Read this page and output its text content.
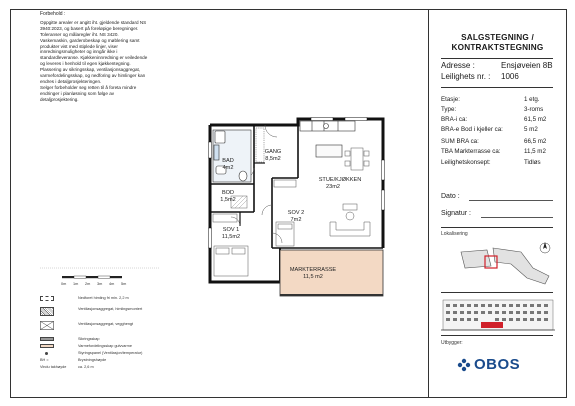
Forbehold :

Oppgitte arealer er angitt iht. gjeldende standard NS 3940:2023, og basert på foreløpige beregninger. Toleranser og målaregler iht. NS 3420.

Vaskemaskin, garderobeskap og møblering samt produkter vist med stiplede linjer, viser innredningsmuligheter og inngår ikke i standardleveranse. Kjøkkeninnredning er veiledende og leveres i henhold til egen kjøkkentegning.

Plassering av sikringsskap, ventilasjonsaggregat, varmefordelingsskap, og nedforing av himlinger kan endres i detaljprosjekteringen.

Selger forbeholder seg retten til å foreta mindre endringer i planløsning som følge av detaljprosjektering.

0m 1m 2m 3m 4m 5m
Nedforet himling fri min. 2,2 m
Ventilasjonsaggregat, himlingsmontert
Ventilasjonsaggregat, vegghengt
Sikringsskap
Varmefordelingsskap gulvvarme
Styringspanel (Ventilasjon/temperatur)
BH =	Brystningshøyde
Vindu takhøyde	ca. 2,6 m
BAD
4m2
GANG
8,5m2
BOD
1,5m2
STUE/KJØKKEN
23m2
SOV 2
7m2
SOV 1
11,5m2
MARKTERRASSE
11,5 m2
SALGSTEGNING /
KONTRAKTSTEGNING
Adresse :	Ensjøveien 8B
Leilighets nr. : 1006
Etasje:	1 etg.
Type:	3-roms
BRA-i ca:	61,5 m2
BRA-e Bod i kjeller ca:	5 m2
SUM BRA ca:	66,5 m2
TBA Markterrasse ca:	11,5 m2
Leilighetskonsept:	Tidløs
Dato :
Signatur :
Lokalisering
Utbygger:
OBOS
